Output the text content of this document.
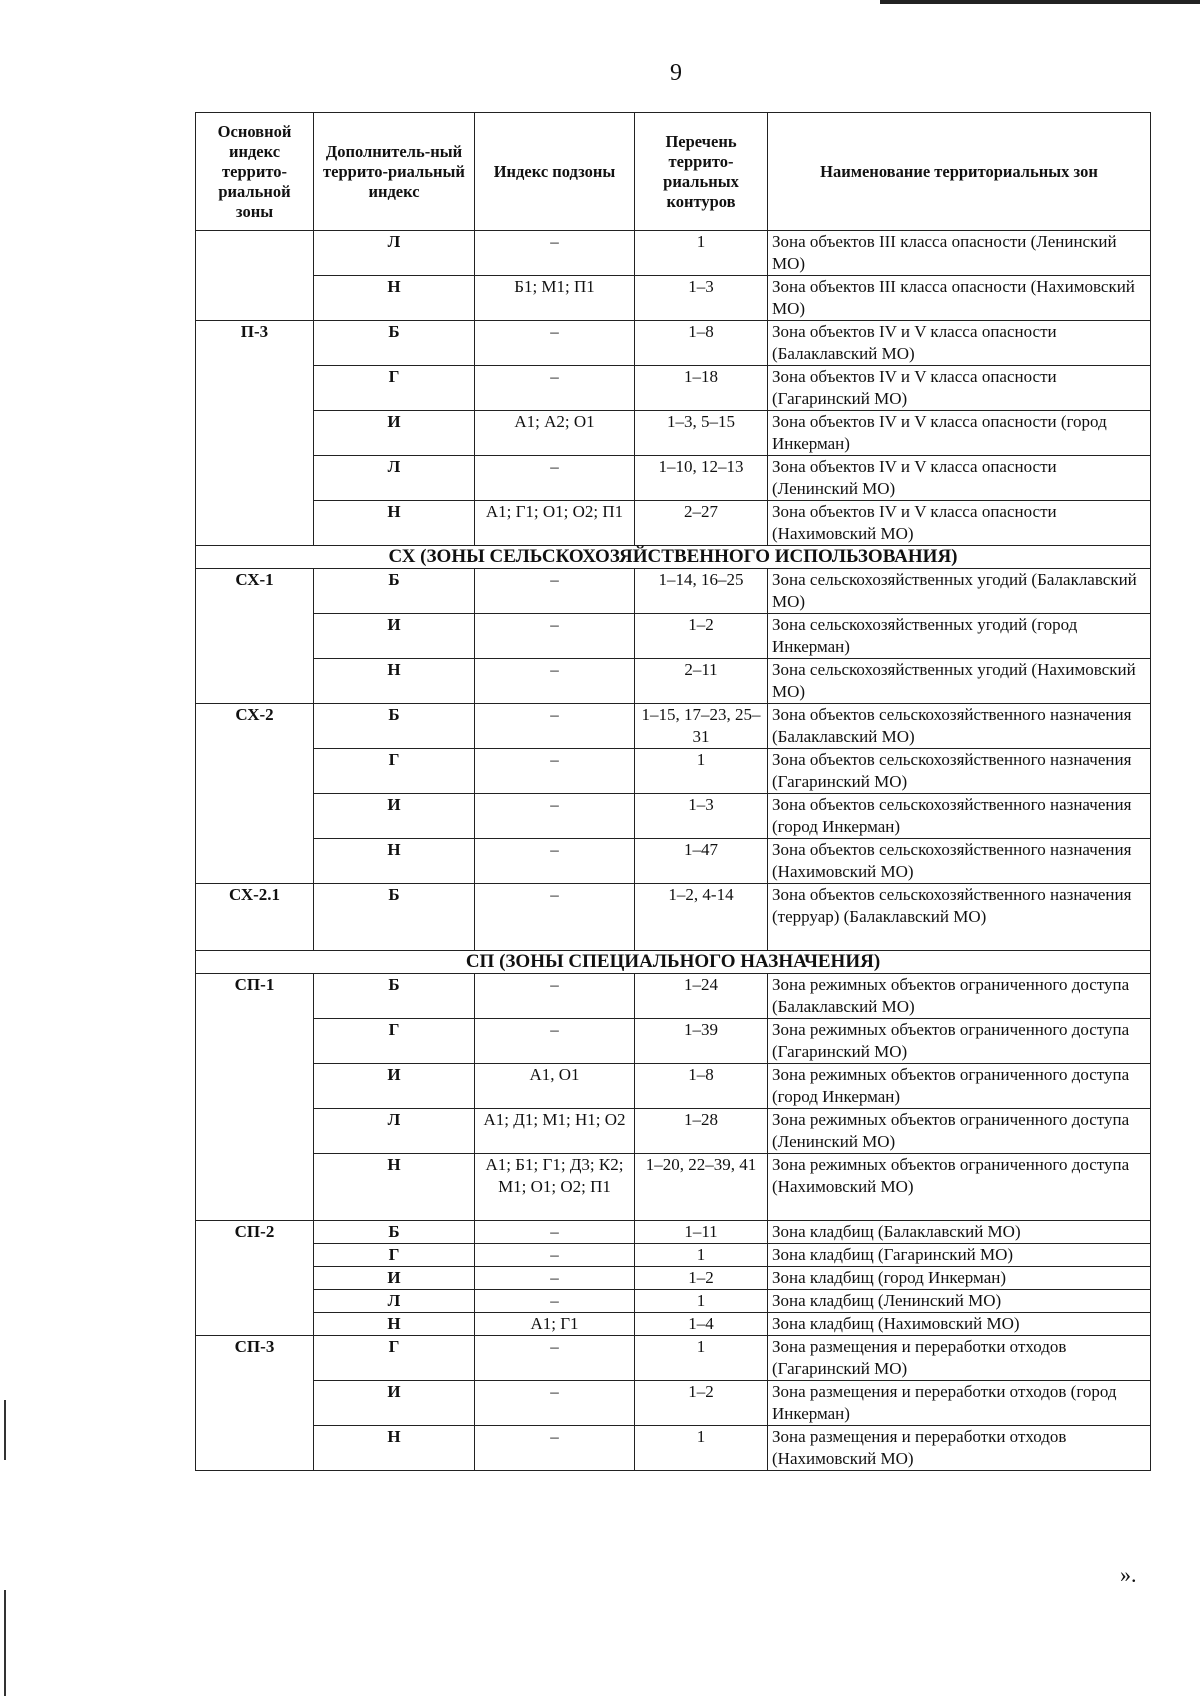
9
Основной индекс террито-риальной зоны	Дополнитель-ный террито-риальный индекс	Индекс подзоны	Перечень террито-риальных контуров	Наименование территориальных зон
	Л	–	1	Зона объектов III класса опасности (Ленинский МО)
	Н	Б1; М1; П1	1–3	Зона объектов III класса опасности (Нахимовский МО)
П-3	Б	–	1–8	Зона объектов IV и V класса опасности (Балаклавский МО)
	Г	–	1–18	Зона объектов IV и V класса опасности (Гагаринский МО)
	И	А1; А2; О1	1–3, 5–15	Зона объектов IV и V класса опасности (город Инкерман)
	Л	–	1–10, 12–13	Зона объектов IV и V класса опасности (Ленинский МО)
	Н	А1; Г1; О1; О2; П1	2–27	Зона объектов IV и V класса опасности (Нахимовский МО)
СХ (ЗОНЫ СЕЛЬСКОХОЗЯЙСТВЕННОГО ИСПОЛЬЗОВАНИЯ)				
СХ-1	Б	–	1–14, 16–25	Зона сельскохозяйственных угодий (Балаклавский МО)
	И	–	1–2	Зона сельскохозяйственных угодий (город Инкерман)
	Н	–	2–11	Зона сельскохозяйственных угодий (Нахимовский МО)
СХ-2	Б	–	1–15, 17–23, 25–31	Зона объектов сельскохозяйственного назначения (Балаклавский МО)
	Г	–	1	Зона объектов сельскохозяйственного назначения (Гагаринский МО)
	И	–	1–3	Зона объектов сельскохозяйственного назначения (город Инкерман)
	Н	–	1–47	Зона объектов сельскохозяйственного назначения (Нахимовский МО)
СХ-2.1	Б	–	1–2, 4-14	Зона объектов сельскохозяйственного назначения (терруар) (Балаклавский МО)
СП (ЗОНЫ СПЕЦИАЛЬНОГО НАЗНАЧЕНИЯ)				
СП-1	Б	–	1–24	Зона режимных объектов ограниченного доступа (Балаклавский МО)
	Г	–	1–39	Зона режимных объектов ограниченного доступа (Гагаринский МО)
	И	А1, О1	1–8	Зона режимных объектов ограниченного доступа (город Инкерман)
	Л	А1; Д1; М1; Н1; О2	1–28	Зона режимных объектов ограниченного доступа (Ленинский МО)
	Н	А1; Б1; Г1; Д3; К2; М1; О1; О2; П1	1–20, 22–39, 41	Зона режимных объектов ограниченного доступа (Нахимовский МО)
СП-2	Б	–	1–11	Зона кладбищ (Балаклавский МО)
	Г	–	1	Зона кладбищ (Гагаринский МО)
	И	–	1–2	Зона кладбищ (город Инкерман)
	Л	–	1	Зона кладбищ (Ленинский МО)
	Н	А1; Г1	1–4	Зона кладбищ (Нахимовский МО)
СП-3	Г	–	1	Зона размещения и переработки отходов (Гагаринский МО)
	И	–	1–2	Зона размещения и переработки отходов (город Инкерман)
	Н	–	1	Зона размещения и переработки отходов (Нахимовский МО)
».
